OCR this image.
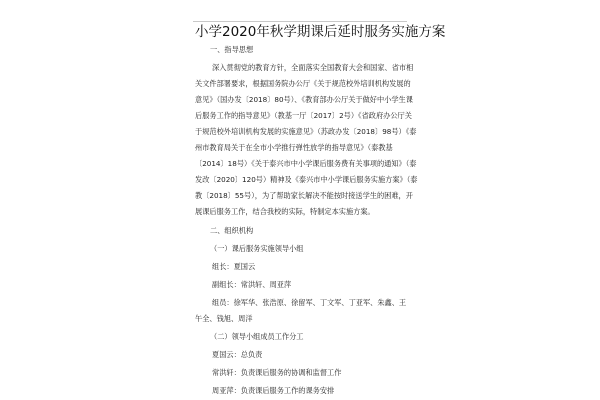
小学2020年秋学期课后延时服务实施方案
一、指导思想
深入贯彻党的教育方针，全面落实全国教育大会和国家、省市相
关文件部署要求，根据国务院办公厅《关于规范校外培训机构发展的
意见》（国办发〔2018〕80号）、《教育部办公厅关于做好中小学生课
后服务工作的指导意见》（教基一厅〔2017〕2号）《省政府办公厅关
于规范校外培训机构发展的实施意见》（苏政办发〔2018〕98号）《泰
州市教育局关于在全市小学推行弹性放学的指导意见》（泰教基
〔2014〕18号）《关于泰兴市中小学课后服务费有关事项的通知》（泰
发改〔2020〕120号）精神及《泰兴市中小学课后服务实施方案》（泰
教〔2018〕55号），为了帮助家长解决不能按时接送学生的困难，开
展课后服务工作，结合我校的实际，特制定本实施方案。
二、组织机构
（一）课后服务实施领导小组
组长：夏国云
副组长：常洪轩、周亚萍
组员：徐军华、张浩原、徐留军、丁文军、丁亚军、朱鑫、王
午全、钱旭、周洋
（二）领导小组成员工作分工
夏国云：总负责
常洪轩：负责课后服务的协调和监督工作
周亚萍：负责课后服务工作的课务安排
